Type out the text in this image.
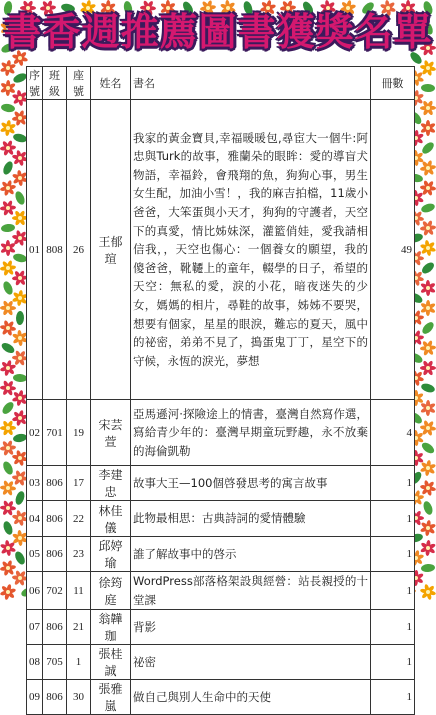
書香週推薦圖書獲獎名單
序號	班級	座號	姓名	書名	冊數
01	808	26	王郁瑄	我家的黃金寶貝,幸福暖暖包,尋宦大一個牛:阿忠與Turk的故事，雅蘭朵的眼眸：愛的導盲犬物語，幸福鈴，會飛翔的魚，狗狗心事，男生女生配，加油小雪！，我的麻吉拍檔，11歲小爸爸，大笨蛋與小天才，狗狗的守護者，天空下的真愛，情比姊妹深，灌籃俏娃，愛我請相信我，，天空也傷心：一個養女的願望，我的傻爸爸，靴韆上的童年，輟學的日子，希望的天空：無私的愛，淚的小花，暗夜迷失的少女，媽媽的相片，尋鞋的故事，姊姊不要哭，想要有個家，星星的眼淚，難忘的夏天，風中的祕密，弟弟不見了，搗蛋鬼丁丁，星空下的守候，永恆的淚光，夢想	49
02	701	19	宋芸萱	亞馬遜河‧探險途上的情書，臺灣自然寫作選，寫給青少年的：臺灣早期童玩野趣，永不放棄的海倫凱勒	4
03	806	17	李建忠	故事大王—100個啓發思考的寓言故事	1
04	806	22	林佳儀	此物最相思：古典詩詞的愛情體驗	1
05	806	23	邱婷瑜	誰了解故事中的啓示	1
06	702	11	徐筠庭	WordPress部落格架設與經營：站長親授的十堂課	1
07	806	21	翁韡珈	背影	1
08	705	1	張桂誠	祕密	1
09	806	30	張雅嵐	做自己與別人生命中的天使	1
